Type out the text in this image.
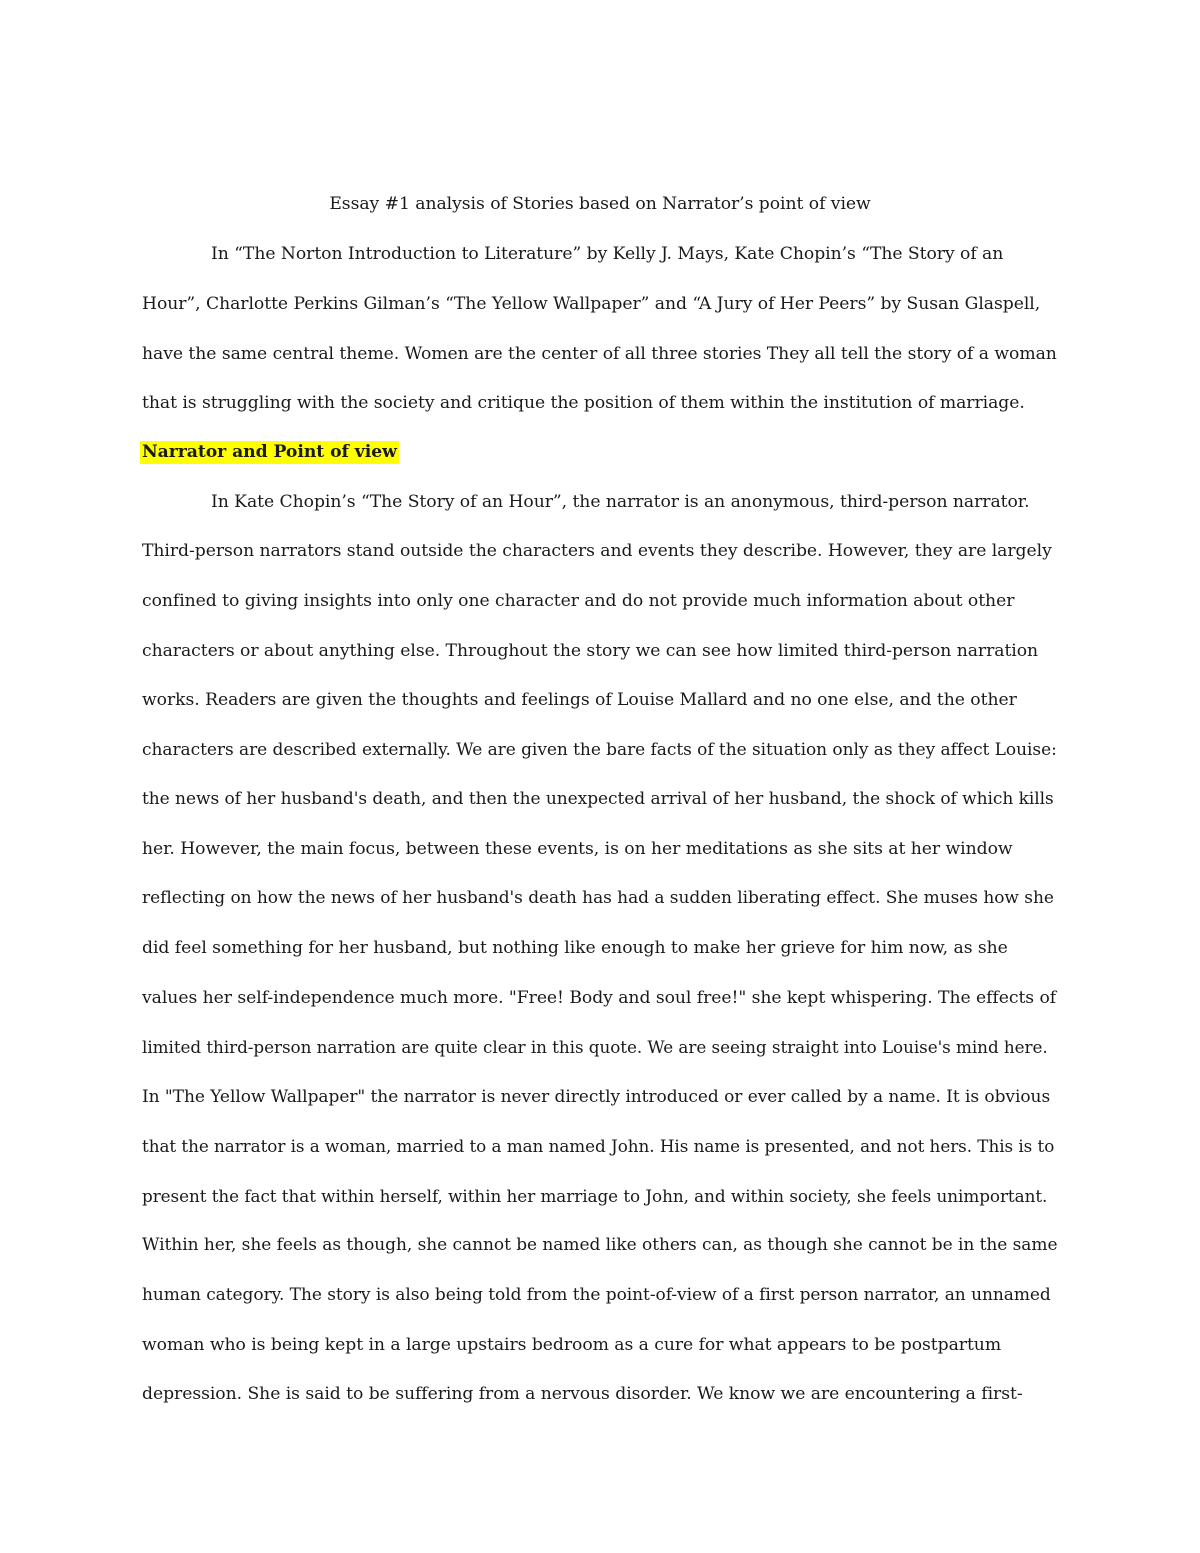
Essay #1 analysis of Stories based on Narrator’s point of view

In “The Norton Introduction to Literature” by Kelly J. Mays, Kate Chopin’s “The Story of an

Hour”, Charlotte Perkins Gilman’s “The Yellow Wallpaper” and “A Jury of Her Peers” by Susan Glaspell,

have the same central theme. Women are the center of all three stories They all tell the story of a woman

that is struggling with the society and critique the position of them within the institution of marriage.

Narrator and Point of view

In Kate Chopin’s “The Story of an Hour”, the narrator is an anonymous, third-person narrator.

Third-person narrators stand outside the characters and events they describe. However, they are largely

confined to giving insights into only one character and do not provide much information about other

characters or about anything else. Throughout the story we can see how limited third-person narration

works. Readers are given the thoughts and feelings of Louise Mallard and no one else, and the other

characters are described externally. We are given the bare facts of the situation only as they affect Louise:

the news of her husband's death, and then the unexpected arrival of her husband, the shock of which kills

her. However, the main focus, between these events, is on her meditations as she sits at her window

reflecting on how the news of her husband's death has had a sudden liberating effect. She muses how she

did feel something for her husband, but nothing like enough to make her grieve for him now, as she

values her self-independence much more. "Free! Body and soul free!" she kept whispering. The effects of

limited third-person narration are quite clear in this quote. We are seeing straight into Louise's mind here.

In "The Yellow Wallpaper" the narrator is never directly introduced or ever called by a name. It is obvious

that the narrator is a woman, married to a man named John. His name is presented, and not hers. This is to

present the fact that within herself, within her marriage to John, and within society, she feels unimportant.

Within her, she feels as though, she cannot be named like others can, as though she cannot be in the same

human category. The story is also being told from the point-of-view of a first person narrator, an unnamed

woman who is being kept in a large upstairs bedroom as a cure for what appears to be postpartum

depression. She is said to be suffering from a nervous disorder. We know we are encountering a first-
